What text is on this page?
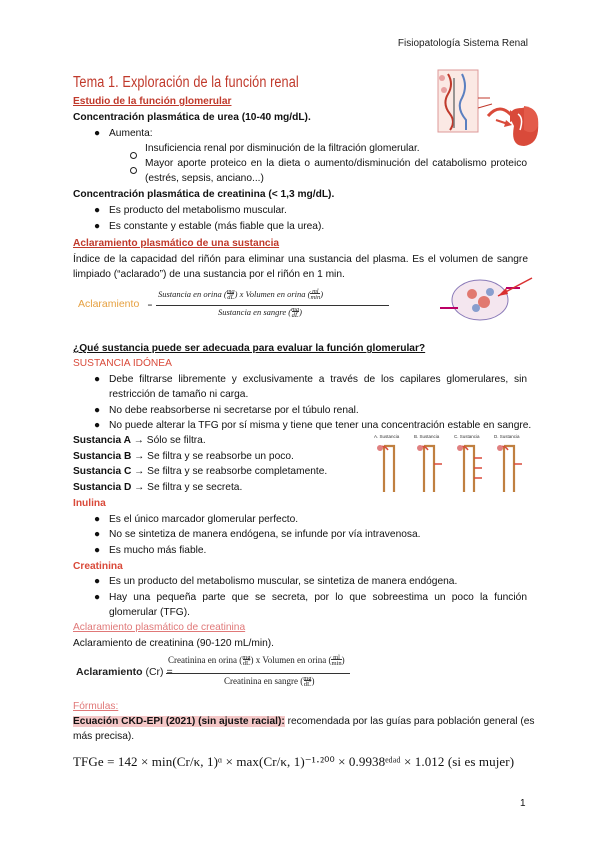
Fisiopatología Sistema Renal
Tema 1. Exploración de la función renal
Estudio de la función glomerular
Concentración plasmática de urea (10-40 mg/dL).
● Aumenta:
Insuficiencia renal por disminución de la filtración glomerular.
Mayor aporte proteico en la dieta o aumento/disminución del catabolismo proteico
(estrés, sepsis, anciano...)
Concentración plasmática de creatinina (< 1,3 mg/dL).
● Es producto del metabolismo muscular.
● Es constante y estable (más fiable que la urea).
Aclaramiento plasmático de una sustancia
Índice de la capacidad del riñón para eliminar una sustancia del plasma. Es el volumen de sangre
limpiado (“aclarado”) de una sustancia por el riñón en 1 min.
Aclaramiento =
Sustancia en orina (mg
dL) x Volumen en orina ( ml
min)
Sustancia en sangre (mg
dL)
¿Qué sustancia puede ser adecuada para evaluar la función glomerular?
SUSTANCIA IDÓNEA
● Debe filtrarse libremente y exclusivamente a través de los capilares glomerulares, sin
restricción de tamaño ni carga.
● No debe reabsorberse ni secretarse por el túbulo renal.
● No puede alterar la TFG por sí misma y tiene que tener una concentración estable en sangre.
Sustancia A → Sólo se filtra.
Sustancia B → Se filtra y se reabsorbe un poco.
Sustancia C → Se filtra y se reabsorbe completamente.
Sustancia D → Se filtra y se secreta.
A. Sustancia	B. Sustancia	C. Sustancia	D. Sustancia
Inulina
● Es el único marcador glomerular perfecto.
● No se sintetiza de manera endógena, se infunde por vía intravenosa.
● Es mucho más fiable.
Creatinina
● Es un producto del metabolismo muscular, se sintetiza de manera endógena.
● Hay una pequeña parte que se secreta, por lo que sobreestima un poco la función
glomerular (TFG).
Aclaramiento plasmático de creatinina
Aclaramiento de creatinina (90-120 mL/min).
Aclaramiento (Cr) =
Creatinina en orina (mg
dL) x Volumen en orina ( ml
min)
Creatinina en sangre (mg
dL)
Fórmulas:
Ecuación CKD-EPI (2021) (sin ajuste racial): recomendada por las guías para población general (es
más precisa).
TFGe = 142 × min(Cr/κ, 1)ᵅ × max(Cr/κ, 1)⁻¹·²⁰⁰ × 0.9938ᵉᵈᵃᵈ × 1.012 (si es mujer)
1
